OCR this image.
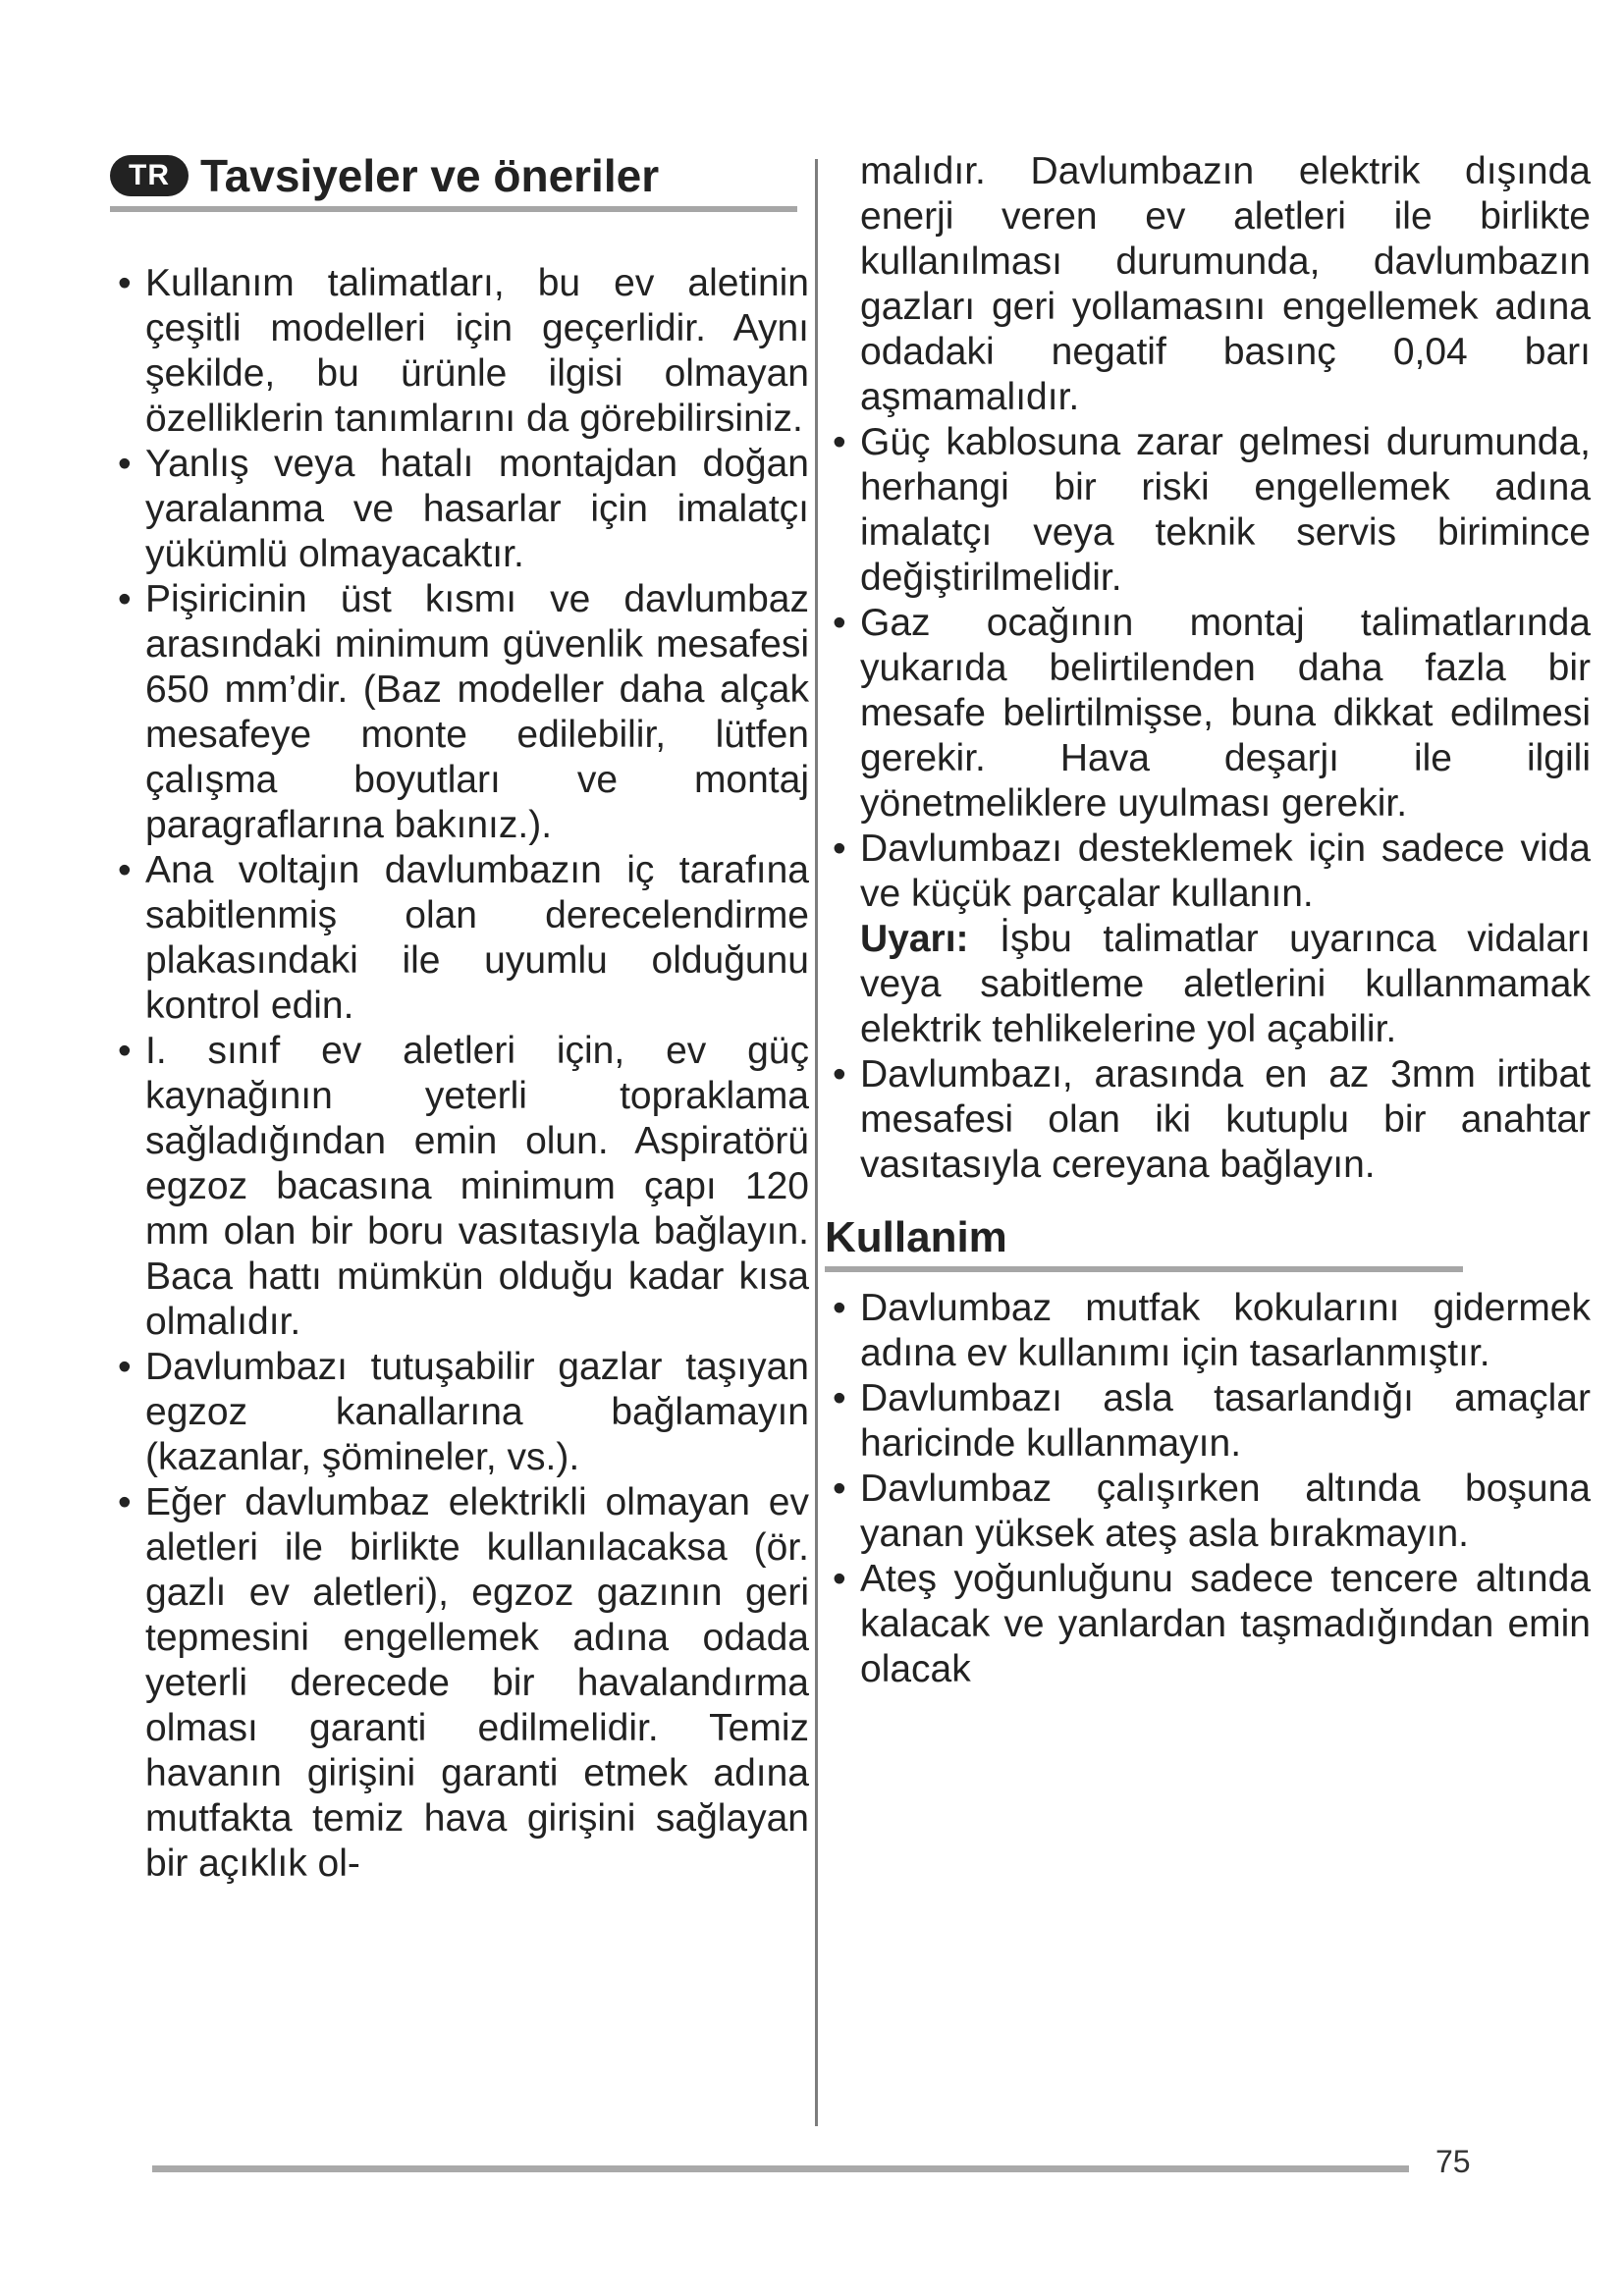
TR Tavsiyeler ve öneriler
• Kullanım talimatları, bu ev aletinin çeşitli modelleri için geçerlidir. Aynı şekilde, bu ürünle ilgisi olmayan özelliklerin tanımlarını da görebilirsiniz.
• Yanlış veya hatalı montajdan doğan yaralanma ve hasarlar için imalatçı yükümlü olmayacaktır.
• Pişiricinin üst kısmı ve davlumbaz arasındaki minimum güvenlik mesafesi 650 mm’dir. (Baz modeller daha alçak mesafeye monte edilebilir, lütfen çalışma boyutları ve montaj paragraflarına bakınız.).
• Ana voltajın davlumbazın iç tarafına sabitlenmiş olan derecelendirme plakasındaki ile uyumlu olduğunu kontrol edin.
• I. sınıf ev aletleri için, ev güç kaynağının yeterli topraklama sağladığından emin olun. Aspiratörü egzoz bacasına minimum çapı 120 mm olan bir boru vasıtasıyla bağlayın. Baca hattı mümkün olduğu kadar kısa olmalıdır.
• Davlumbazı tutuşabilir gazlar taşıyan egzoz kanallarına bağlamayın (kazanlar, şömineler, vs.).
• Eğer davlumbaz elektrikli olmayan ev aletleri ile birlikte kullanılacaksa (ör. gazlı ev aletleri), egzoz gazının geri tepmesini engellemek adına odada yeterli derecede bir havalandırma olması garanti edilmelidir. Temiz havanın girişini garanti etmek adına mutfakta temiz hava girişini sağlayan bir açıklık ol-

malıdır. Davlumbazın elektrik dışında enerji veren ev aletleri ile birlikte kullanılması durumunda, davlumbazın gazları geri yollamasını engellemek adına odadaki negatif basınç 0,04 barı aşmamalıdır.

• Güç kablosuna zarar gelmesi durumunda, herhangi bir riski engellemek adına imalatçı veya teknik servis birimince değiştirilmelidir.
• Gaz ocağının montaj talimatlarında yukarıda belirtilenden daha fazla bir mesafe belirtilmişse, buna dikkat edilmesi gerekir. Hava deşarjı ile ilgili yönetmeliklere uyulması gerekir.
• Davlumbazı desteklemek için sadece vida ve küçük parçalar kullanın.

Uyarı: İşbu talimatlar uyarınca vidaları veya sabitleme aletlerini kullanmamak elektrik tehlikelerine yol açabilir.

• Davlumbazı, arasında en az 3mm irtibat mesafesi olan iki kutuplu bir anahtar vasıtasıyla cereyana bağlayın.
Kullanim
• Davlumbaz mutfak kokularını gidermek adına ev kullanımı için tasarlanmıştır.
• Davlumbazı asla tasarlandığı amaçlar haricinde kullanmayın.
• Davlumbaz çalışırken altında boşuna yanan yüksek ateş asla bırakmayın.
• Ateş yoğunluğunu sadece tencere altında kalacak ve yanlardan taşmadığından emin olacak
75
